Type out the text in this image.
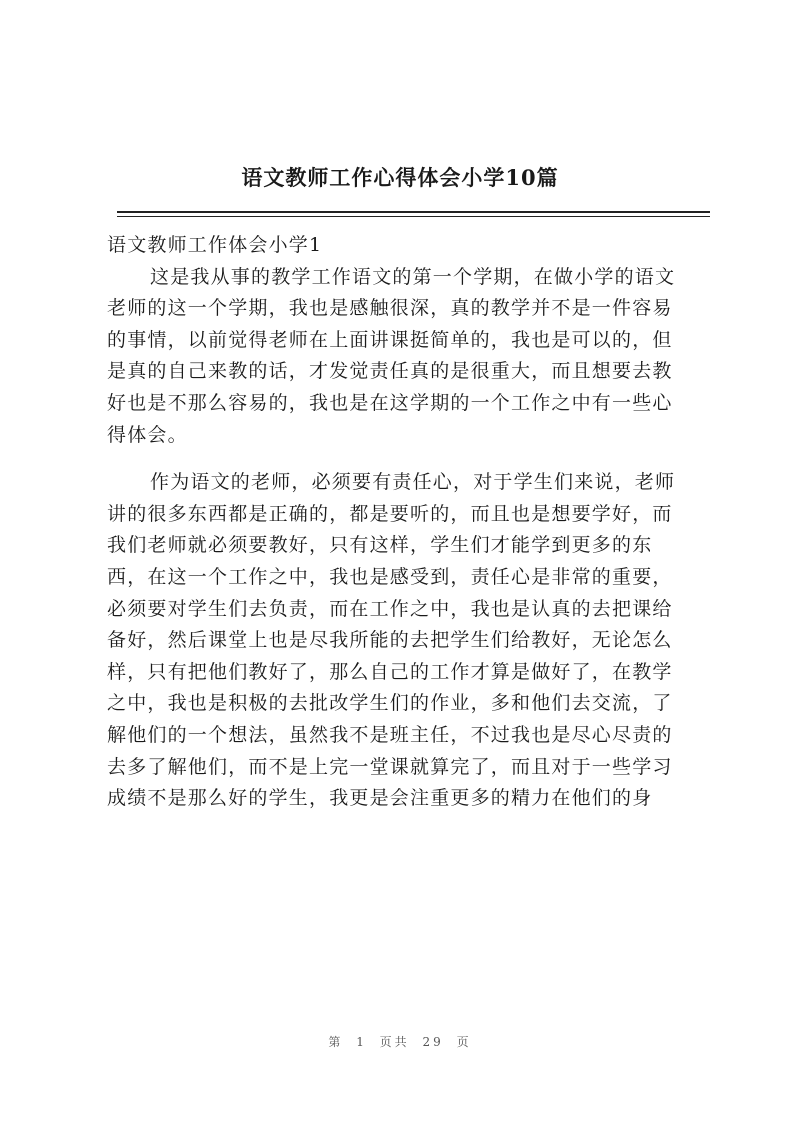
语文教师工作心得体会小学10篇

语文教师工作体会小学1

这是我从事的教学工作语文的第一个学期，在做小学的语文
老师的这一个学期，我也是感触很深，真的教学并不是一件容易
的事情，以前觉得老师在上面讲课挺简单的，我也是可以的，但
是真的自己来教的话，才发觉责任真的是很重大，而且想要去教
好也是不那么容易的，我也是在这学期的一个工作之中有一些心
得体会。

作为语文的老师，必须要有责任心，对于学生们来说，老师
讲的很多东西都是正确的，都是要听的，而且也是想要学好，而
我们老师就必须要教好，只有这样，学生们才能学到更多的东
西，在这一个工作之中，我也是感受到，责任心是非常的重要，
必须要对学生们去负责，而在工作之中，我也是认真的去把课给
备好，然后课堂上也是尽我所能的去把学生们给教好，无论怎么
样，只有把他们教好了，那么自己的工作才算是做好了，在教学
之中，我也是积极的去批改学生们的作业，多和他们去交流，了
解他们的一个想法，虽然我不是班主任，不过我也是尽心尽责的
去多了解他们，而不是上完一堂课就算完了，而且对于一些学习
成绩不是那么好的学生，我更是会注重更多的精力在他们的身

第 1 页共 29 页
